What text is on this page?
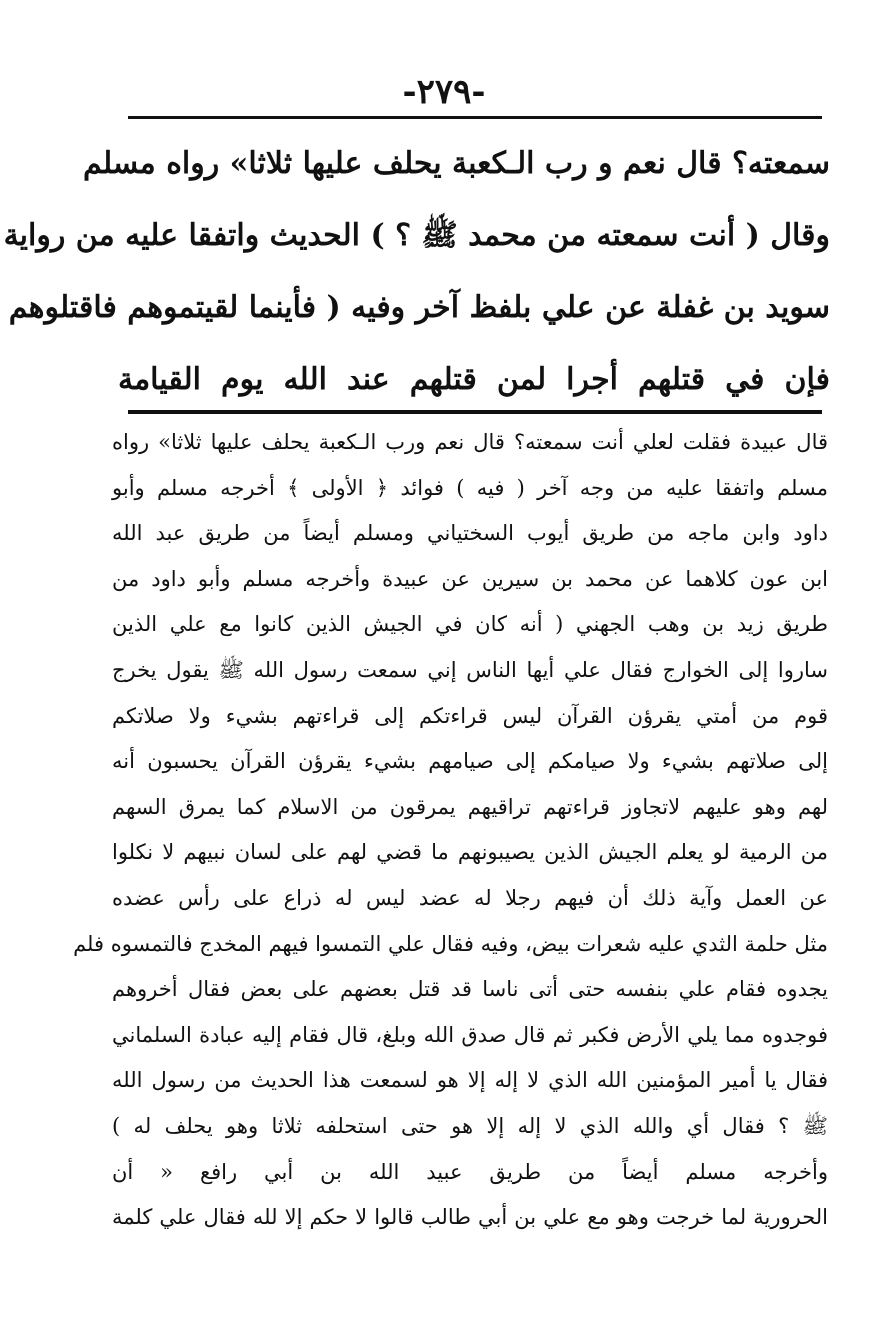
-٢٧٩-
سمعته؟ قال نعم و رب الـكعبة يحلف عليها ثلاثا» رواه مسلم
وقال ( أنت سمعته من محمد ﷺ ؟ ) الحديث واتفقا عليه من رواية
سويد بن غفلة عن علي بلفظ آخر وفيه ( فأينما لقيتموهم فاقتلوهم
فإن في قتلهم أجرا لمن قتلهم عند الله يوم القيامة
قال عبيدة فقلت لعلي أنت سمعته؟ قال نعم ورب الـكعبة يحلف عليها ثلاثا» رواه
مسلم واتفقا عليه من وجه آخر ( فيه ) فوائد ﴿ الأولى ﴾ أخرجه مسلم وأبو
داود وابن ماجه من طريق أيوب السختياني ومسلم أيضاً من طريق عبد الله
ابن عون كلاهما عن محمد بن سيرين عن عبيدة وأخرجه مسلم وأبو داود من
طريق زيد بن وهب الجهني ( أنه كان في الجيش الذين كانوا مع علي الذين
ساروا إلى الخوارج فقال علي أيها الناس إني سمعت رسول الله ﷺ يقول يخرج
قوم من أمتي يقرؤن القرآن ليس قراءتكم إلى قراءتهم بشيء ولا صلاتكم
إلى صلاتهم بشيء ولا صيامكم إلى صيامهم بشيء يقرؤن القرآن يحسبون أنه
لهم وهو عليهم لاتجاوز قراءتهم تراقيهم يمرقون من الاسلام كما يمرق السهم
من الرمية لو يعلم الجيش الذين يصيبونهم ما قضي لهم على لسان نبيهم لا نكلوا
عن العمل وآية ذلك أن فيهم رجلا له عضد ليس له ذراع على رأس عضده
مثل حلمة الثدي عليه شعرات بيض، وفيه فقال علي التمسوا فيهم المخدج فالتمسوه فلم
يجدوه فقام علي بنفسه حتى أتى ناسا قد قتل بعضهم على بعض فقال أخروهم
فوجدوه مما يلي الأرض فكبر ثم قال صدق الله وبلغ، قال فقام إليه عبادة السلماني
فقال يا أمير المؤمنين الله الذي لا إله إلا هو لسمعت هذا الحديث من رسول الله
ﷺ ؟ فقال أي والله الذي لا إله إلا هو حتى استحلفه ثلاثا وهو يحلف له )
وأخرجه مسلم أيضاً من طريق عبيد الله بن أبي رافع « أن
الحرورية لما خرجت وهو مع علي بن أبي طالب قالوا لا حكم إلا لله فقال علي كلمة
